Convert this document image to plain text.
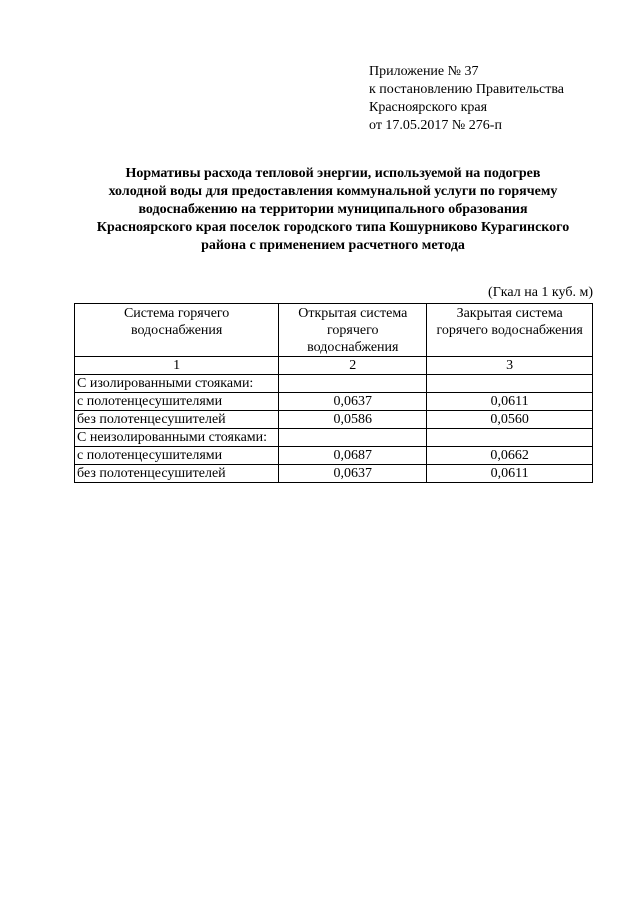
Приложение № 37
к постановлению Правительства
Красноярского края
от 17.05.2017 № 276-п
Нормативы расхода тепловой энергии, используемой на подогрев
холодной воды для предоставления коммунальной услуги по горячему
водоснабжению на территории муниципального образования
Красноярского края поселок городского типа Кошурниково Курагинского
района с применением расчетного метода
(Гкал на 1 куб. м)
Система горячего
водоснабжения	Открытая система
горячего
водоснабжения	Закрытая система
горячего водоснабжения

1	2	3
С изолированными стояками:		
с полотенцесушителями	0,0637	0,0611
без полотенцесушителей	0,0586	0,0560
С неизолированными стояками:		
с полотенцесушителями	0,0687	0,0662
без полотенцесушителей	0,0637	0,0611
